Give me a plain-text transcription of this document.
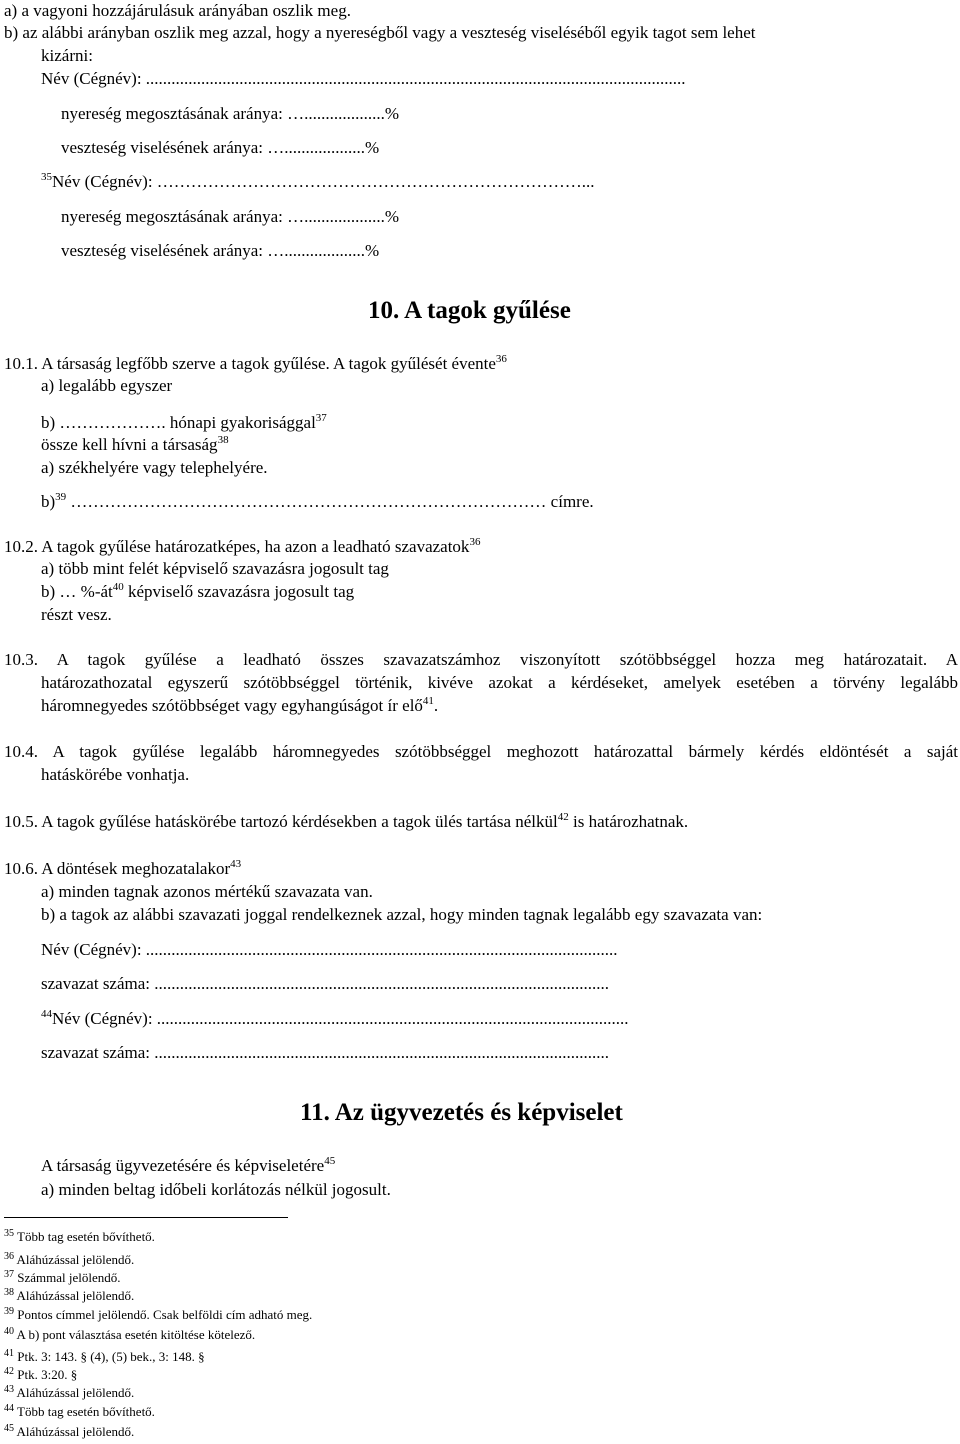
a) a vagyoni hozzájárulásuk arányában oszlik meg.
b) az alábbi arányban oszlik meg azzal, hogy a nyereségből vagy a veszteség viseléséből egyik tagot sem lehet
kizárni:
Név (Cégnév): ...............................................................................................................................
nyereség megosztásának aránya: …...................%
veszteség viselésének aránya: …...................%
$^{35}$Név (Cégnév): …………………………………………………………………...
nyereség megosztásának aránya: …...................%
veszteség viselésének aránya: …...................%
10. A tagok gyűlése
10.1. A társaság legfőbb szerve a tagok gyűlése. A tagok gyűlését évente$^{36}$
a) legalább egyszer
b) ………………. hónapi gyakorisággal$^{37}$
össze kell hívni a társaság$^{38}$
a) székhelyére vagy telephelyére.
b)$^{39}$ ………………………………………………………………………… címre.
10.2. A tagok gyűlése határozatképes, ha azon a leadható szavazatok$^{36}$
a) több mint felét képviselő szavazásra jogosult tag
b) … $\%-át^{40}$ képviselő szavazásra jogosult tag
részt vesz.
10.3. A tagok gyűlése a leadható összes szavazatszámhoz viszonyított szótöbbséggel hozza meg határozatait. A
határozathozatal egyszerű szótöbbséggel történik, kivéve azokat a kérdéseket, amelyek esetében a törvény legalább
háromnegyedes szótöbbséget vagy egyhangúságot ír elő$^{41}$.
10.4. A tagok gyűlése legalább háromnegyedes szótöbbséggel meghozott határozattal bármely kérdés eldöntését a saját
hatáskörébe vonhatja.
10.5. A tagok gyűlése hatáskörébe tartozó kérdésekben a tagok ülés tartása nélkül$^{42}$ is határozhatnak.
10.6. A döntések meghozatalakor$^{43}$
a) minden tagnak azonos mértékű szavazata van.
b) a tagok az alábbi szavazati joggal rendelkeznek azzal, hogy minden tagnak legalább egy szavazata van:
Név (Cégnév): ...............................................................................................................
szavazat száma: ...........................................................................................................
$^{44}$Név (Cégnév): ...............................................................................................................
szavazat száma: ...........................................................................................................
11. Az ügyvezetés és képviselet
A társaság ügyvezetésére és képviseletére$^{45}$
a) minden beltag időbeli korlátozás nélkül jogosult.
$^{35}$ Több tag esetén bővíthető.
$^{36}$ Aláhúzással jelölendő.
$^{37}$ Számmal jelölendő.
$^{38}$ Aláhúzással jelölendő.
$^{39}$ Pontos címmel jelölendő. Csak belföldi cím adható meg.
$^{40}$ A b) pont választása esetén kitöltése kötelező.
$^{41}$ Ptk. 3: 143. § (4), (5) bek., 3: 148. §
$^{42}$ Ptk. 3:20. §
$^{43}$ Aláhúzással jelölendő.
$^{44}$ Több tag esetén bővíthető.
$^{45}$ Aláhúzással jelölendő.
